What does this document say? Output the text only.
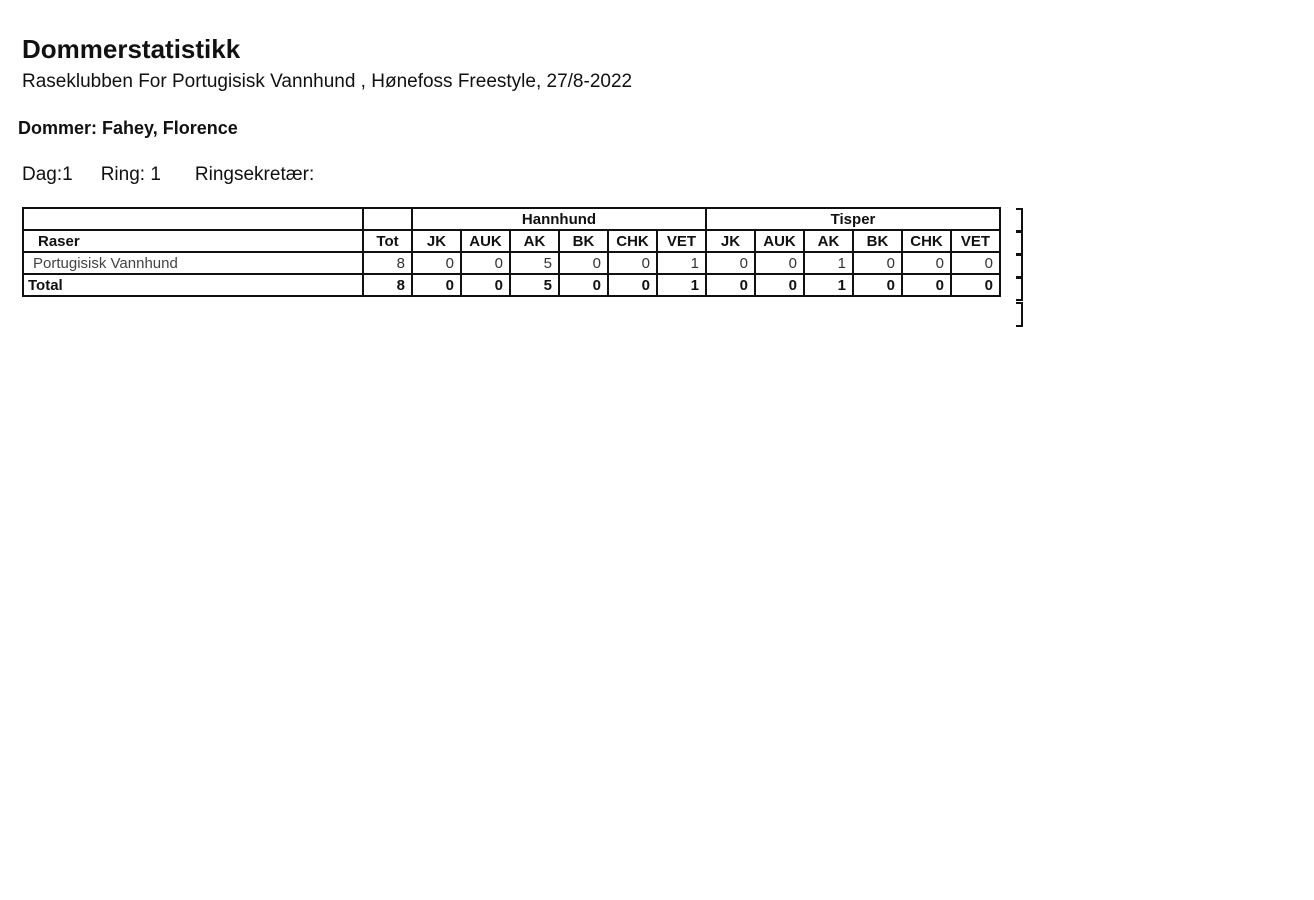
Dommerstatistikk
Raseklubben For Portugisisk Vannhund , Hønefoss Freestyle, 27/8-2022
Dommer: Fahey, Florence
Dag:1 Ring: 1 Ringsekretær:
		Hannhund						Tisper					
Raser	Tot	JK	AUK	AK	BK	CHK	VET	JK	AUK	AK	BK	CHK	VET
Portugisisk Vannhund	8	0	0	5	0	0	1	0	0	1	0	0	0
Total	8	0	0	5	0	0	1	0	0	1	0	0	0
